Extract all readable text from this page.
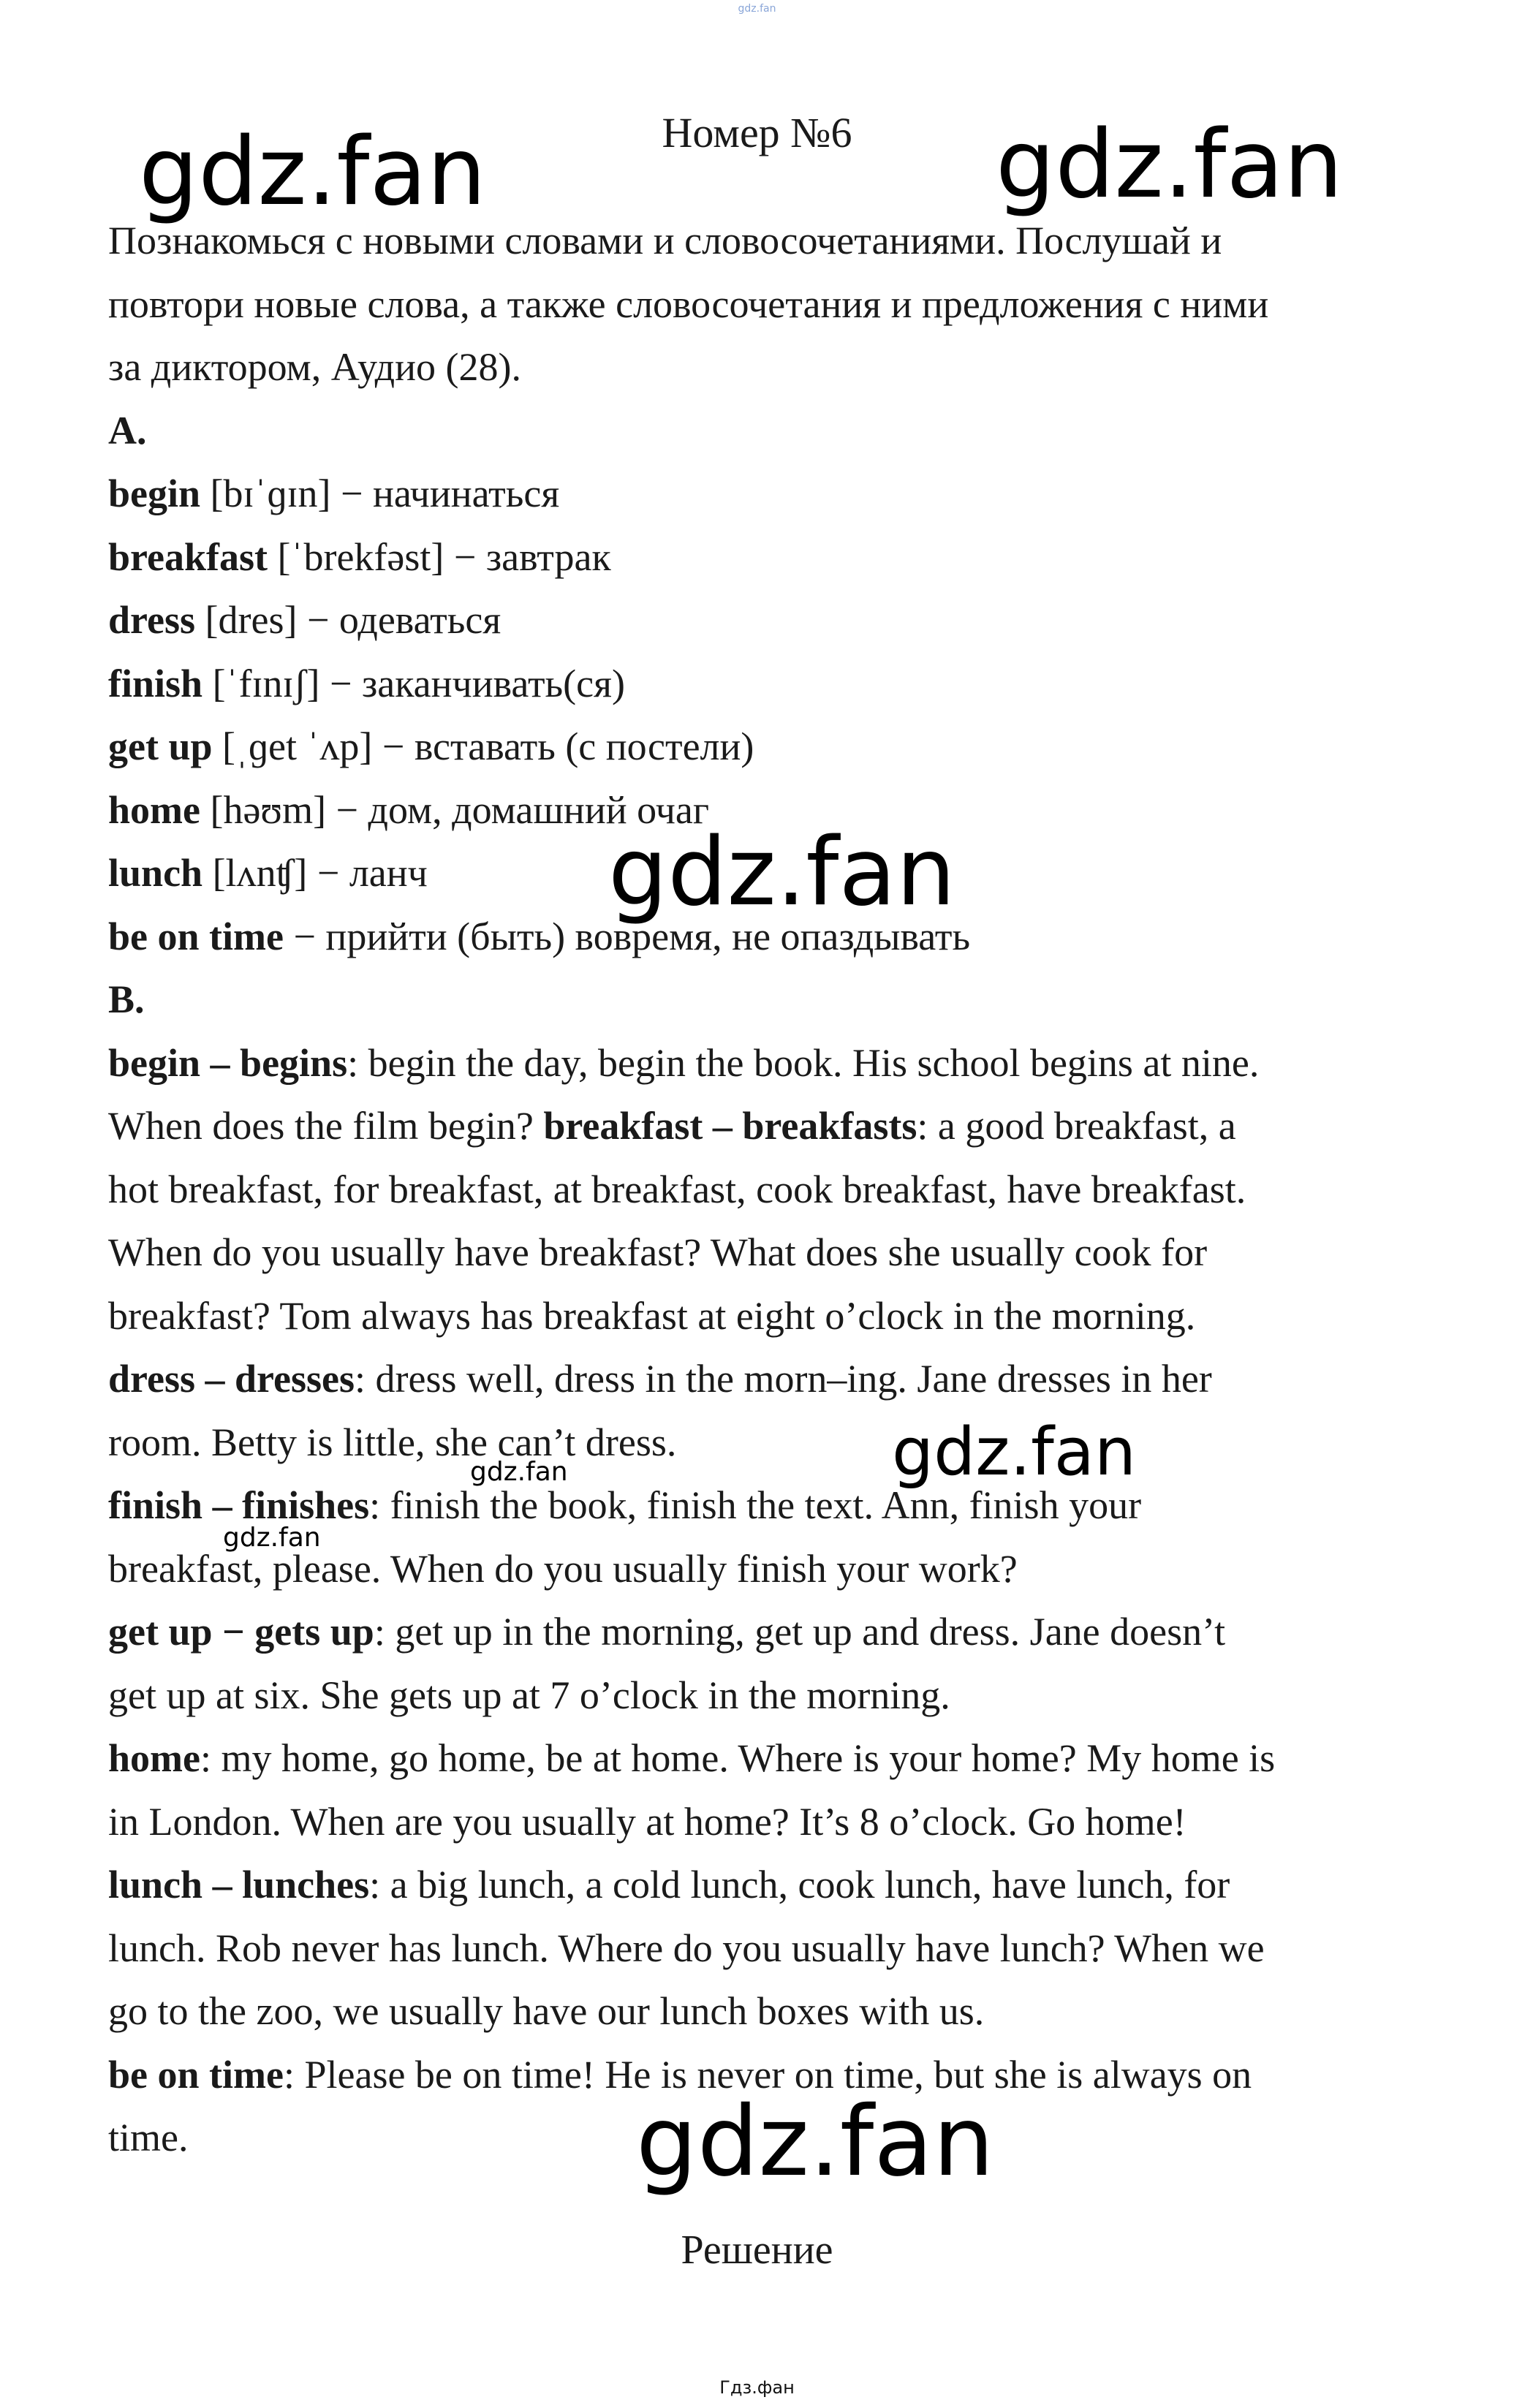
gdz.fan
Номер №6
Познакомься с новыми словами и словосочетаниями. Послушай и
повтори новые слова, а также словосочетания и предложения с ними
за диктором, Аудио (28).
A.
begin [bɪˈɡɪn] − начинаться
breakfast [ˈbrekfəst] − завтрак
dress [dres] − одеваться
finish [ˈfɪnɪʃ] − заканчивать(ся)
get up [ˌɡet ˈʌp] − вставать (с постели)
home [həʊm] − дом, домашний очаг
lunch [lʌnʧ] − ланч
be on time − прийти (быть) вовремя, не опаздывать
B.
begin – begins: begin the day, begin the book. His school begins at nine.
When does the film begin? breakfast – breakfasts: a good breakfast, a
hot breakfast, for breakfast, at breakfast, cook breakfast, have breakfast.
When do you usually have breakfast? What does she usually cook for
breakfast? Tom always has breakfast at eight o’clock in the morning.
dress – dresses: dress well, dress in the morn–ing. Jane dresses in her
room. Betty is little, she can’t dress.
finish – finishes: finish the book, finish the text. Ann, finish your
breakfast, please. When do you usually finish your work?
get up − gets up: get up in the morning, get up and dress. Jane doesn’t
get up at six. She gets up at 7 o’clock in the morning.
home: my home, go home, be at home. Where is your home? My home is
in London. When are you usually at home? It’s 8 o’clock. Go home!
lunch – lunches: a big lunch, a cold lunch, cook lunch, have lunch, for
lunch. Rob never has lunch. Where do you usually have lunch? When we
go to the zoo, we usually have our lunch boxes with us.
be on time: Please be on time! He is never on time, but she is always on
time.
Решение
Гдз.фан
gdz.fan	gdz.fan
gdz.fan
gdz.fan
gdz.fan
gdz.fan
gdz.fan
